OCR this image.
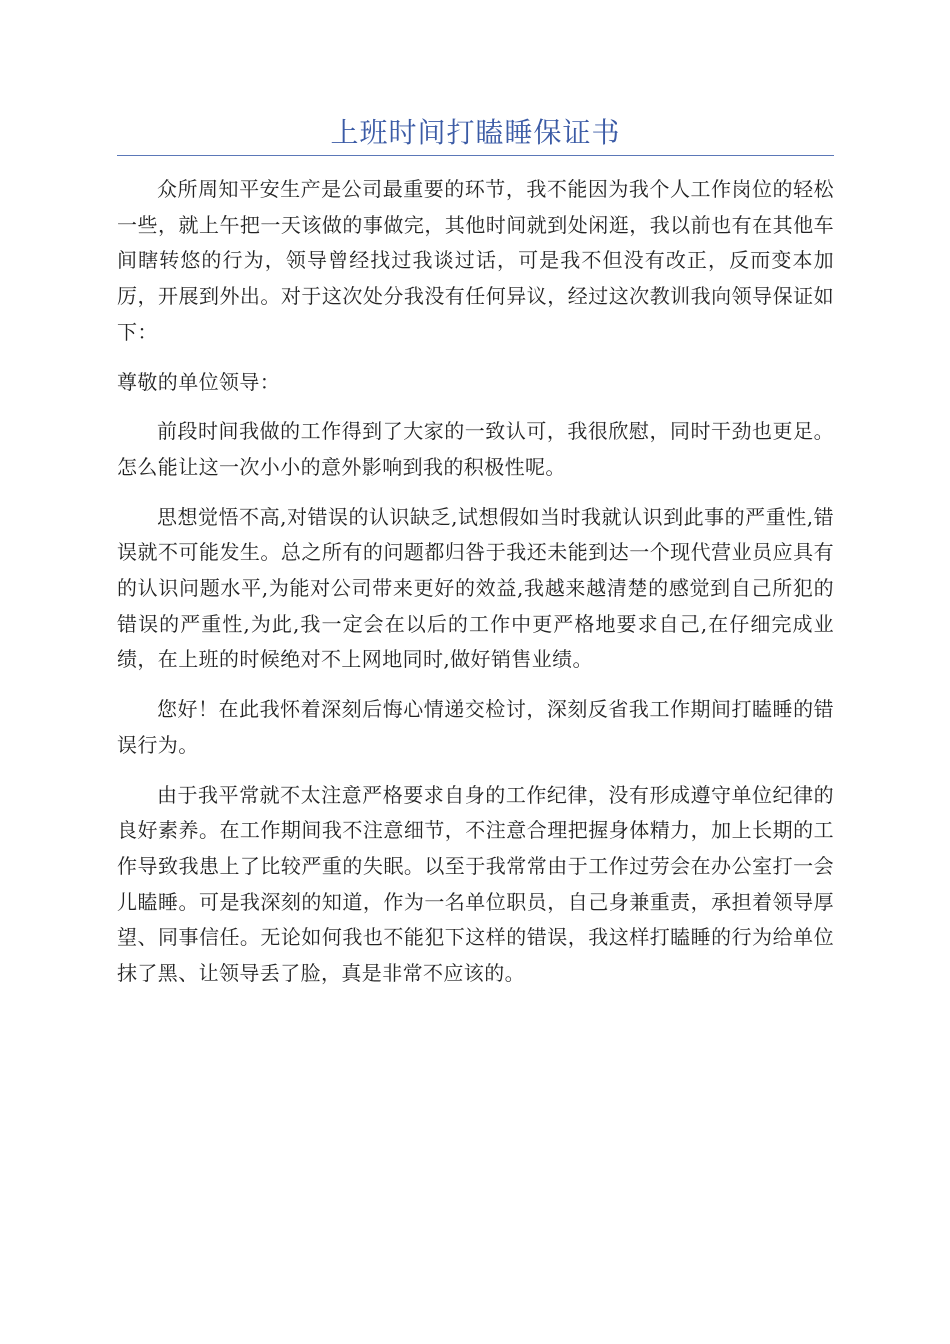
上班时间打瞌睡保证书

众所周知平安生产是公司最重要的环节，我不能因为我个人工作岗位的轻松一些，就上午把一天该做的事做完，其他时间就到处闲逛，我以前也有在其他车间瞎转悠的行为，领导曾经找过我谈过话，可是我不但没有改正，反而变本加厉，开展到外出。对于这次处分我没有任何异议，经过这次教训我向领导保证如下：

尊敬的单位领导：

前段时间我做的工作得到了大家的一致认可，我很欣慰，同时干劲也更足。怎么能让这一次小小的意外影响到我的积极性呢。

思想觉悟不高,对错误的认识缺乏,试想假如当时我就认识到此事的严重性,错误就不可能发生。总之所有的问题都归咎于我还未能到达一个现代营业员应具有的认识问题水平,为能对公司带来更好的效益,我越来越清楚的感觉到自己所犯的错误的严重性,为此,我一定会在以后的工作中更严格地要求自己,在仔细完成业绩，在上班的时候绝对不上网地同时,做好销售业绩。

您好！在此我怀着深刻后悔心情递交检讨，深刻反省我工作期间打瞌睡的错误行为。

由于我平常就不太注意严格要求自身的工作纪律，没有形成遵守单位纪律的良好素养。在工作期间我不注意细节，不注意合理把握身体精力，加上长期的工作导致我患上了比较严重的失眠。以至于我常常由于工作过劳会在办公室打一会儿瞌睡。可是我深刻的知道，作为一名单位职员，自己身兼重责，承担着领导厚望、同事信任。无论如何我也不能犯下这样的错误，我这样打瞌睡的行为给单位抹了黑、让领导丢了脸，真是非常不应该的。
